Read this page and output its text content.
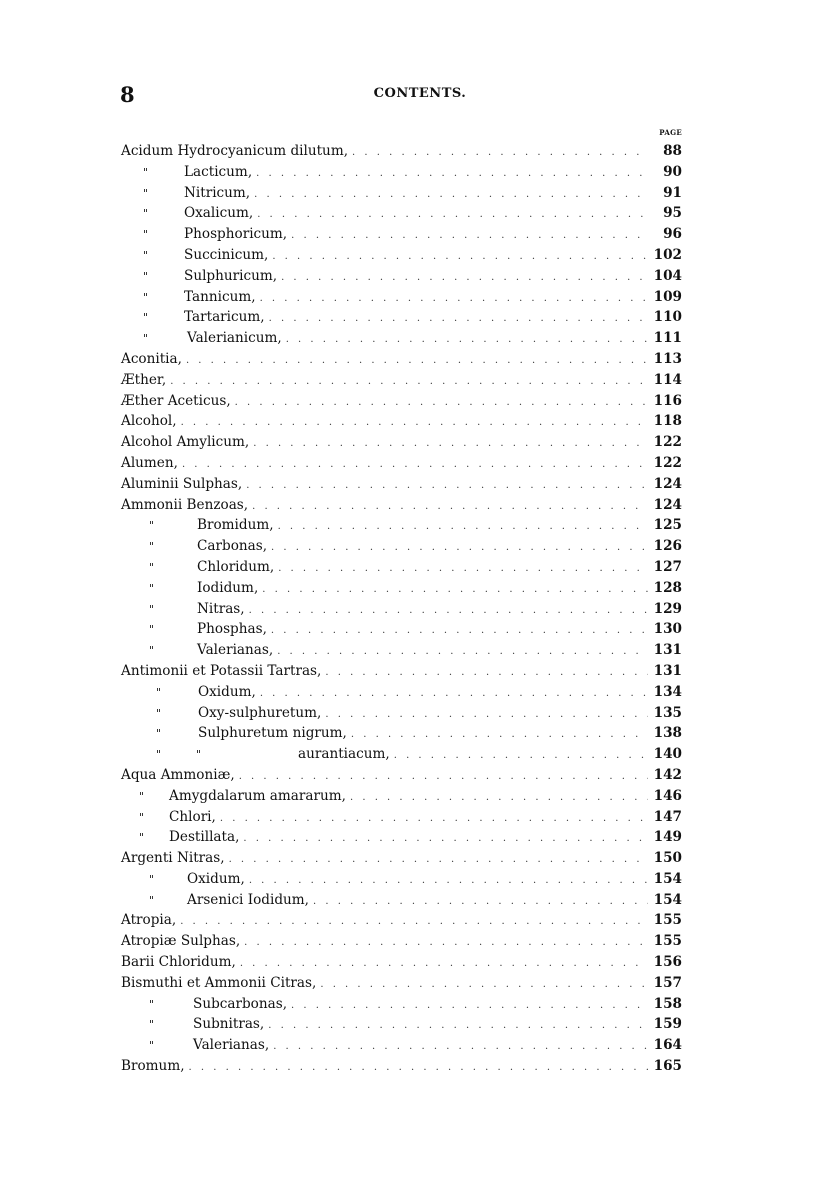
8	CONTENTS.
PAGE
Acidum Hydrocyanicum dilutum, . . .	88
"	Lacticum, . . .	90
"	Nitricum, . . .	91
"	Oxalicum, . . .	95
"	Phosphoricum, . . .	96
"	Succinicum, . . .	102
"	Sulphuricum, . . .	104
"	Tannicum, . . .	109
"	Tartaricum, . . .	110
"	Valerianicum, . . .	111
Aconitia, . . .	113
Æther, . . .	114
Æther Aceticus, . . .	116
Alcohol, . . .	118
Alcohol Amylicum, . . .	122
Alumen, . . .	122
Aluminii Sulphas, . . .	124
Ammonii Benzoas, . . .	124
"	Bromidum, . . .	125
"	Carbonas, . . .	126
"	Chloridum, . . .	127
"	Iodidum, . . .	128
"	Nitras, . . .	129
"	Phosphas, . . .	130
"	Valerianas, . . .	131
Antimonii et Potassii Tartras, . . .	131
"	Oxidum, . . .	134
"	Oxy-sulphuretum, . . .	135
"	Sulphuretum nigrum, . . .	138
"          "	aurantiacum, . . .	140
Aqua Ammoniæ, . . .	142
"	Amygdalarum amararum, . . .	146
"	Chlori, . . .	147
"	Destillata, . . .	149
Argenti Nitras, . . .	150
"	Oxidum, . . .	154
"	Arsenici Iodidum, . . .	154
Atropia, . . .	155
Atropiæ Sulphas, . . .	155
Barii Chloridum, . . .	156
Bismuthi et Ammonii Citras, . . .	157
"	Subcarbonas, . . .	158
"	Subnitras, . . .	159
"	Valerianas, . . .	164
Bromum, . . .	165
